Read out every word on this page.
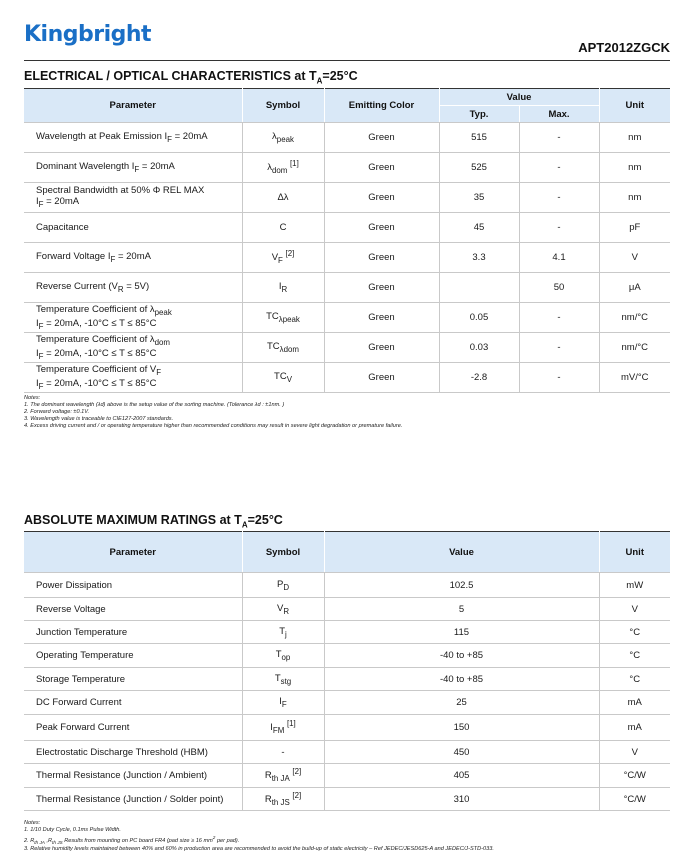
Kingbright
APT2012ZGCK
ELECTRICAL / OPTICAL CHARACTERISTICS at $T_A=25^\circ C$
Parameter	Symbol	Emitting Color	Value		Unit
			Typ.	Max.	
Wavelength at Peak Emission $I_F = 20mA$	$\lambda_{peak}$	Green	515	-	nm
Dominant Wavelength $I_F = 20mA$	$\lambda_{dom}$ [1]	Green	525	-	nm
Spectral Bandwidth at 50% Φ REL MAX
$I_F = 20mA$	Δλ	Green	35	-	nm
Capacitance	C	Green	45	-	pF
Forward Voltage $I_F = 20mA$	$V_F$ [2]	Green	3.3	4.1	V
Reverse Current $(V_R = 5V)$	$I_R$	Green		50	μA
Temperature Coefficient of $\lambda_{peak}$
$I_F = 20mA$, -10°C ≤ T ≤ 85°C	$TC_{\lambda peak}$	Green	0.05	-	nm/°C
Temperature Coefficient of $\lambda_{dom}$
$I_F = 20mA$, -10°C ≤ T ≤ 85°C	$TC_{\lambda dom}$	Green	0.03	-	nm/°C
Temperature Coefficient of $V_F$
$I_F = 20mA$, -10°C ≤ T ≤ 85°C	$TC_V$	Green	-2.8	-	mV/°C
Notes:
1. The dominant wavelength (λd) above is the setup value of the sorting machine. (Tolerance λd : ±1nm. )
2. Forward voltage: ±0.1V.
3. Wavelength value is traceable to CIE127-2007 standards.
4. Excess driving current and / or operating temperature higher than recommended conditions may result in severe light degradation or premature failure.
ABSOLUTE MAXIMUM RATINGS at $T_A=25^\circ C$
Parameter	Symbol	Value	Unit
Power Dissipation	$P_D$	102.5	mW
Reverse Voltage	$V_R$	5	V
Junction Temperature	$T_j$	115	°C
Operating Temperature	$T_{op}$	-40 to +85	°C
Storage Temperature	$T_{stg}$	-40 to +85	°C
DC Forward Current	$I_F$	25	mA
Peak Forward Current	$I_{FM}$ [1]	150	mA
Electrostatic Discharge Threshold (HBM)	-	450	V
Thermal Resistance (Junction / Ambient)	$R_{th JA}$ [2]	405	°C/W
Thermal Resistance (Junction / Solder point)	$R_{th JS}$ [2]	310	°C/W
Notes:
1. 1/10 Duty Cycle, 0.1ms Pulse Width.
2. $R_{th JA}$ $,R_{th JS}$ Results from mounting on PC board FR4 (pad size ≥ 16 $mm^2$ per pad).
3. Relative humidity levels maintained between 40% and 60% in production area are recommended to avoid the build-up of static electricity – Ref JEDEC/JESD625-A and JEDEC/J-STD-033.
